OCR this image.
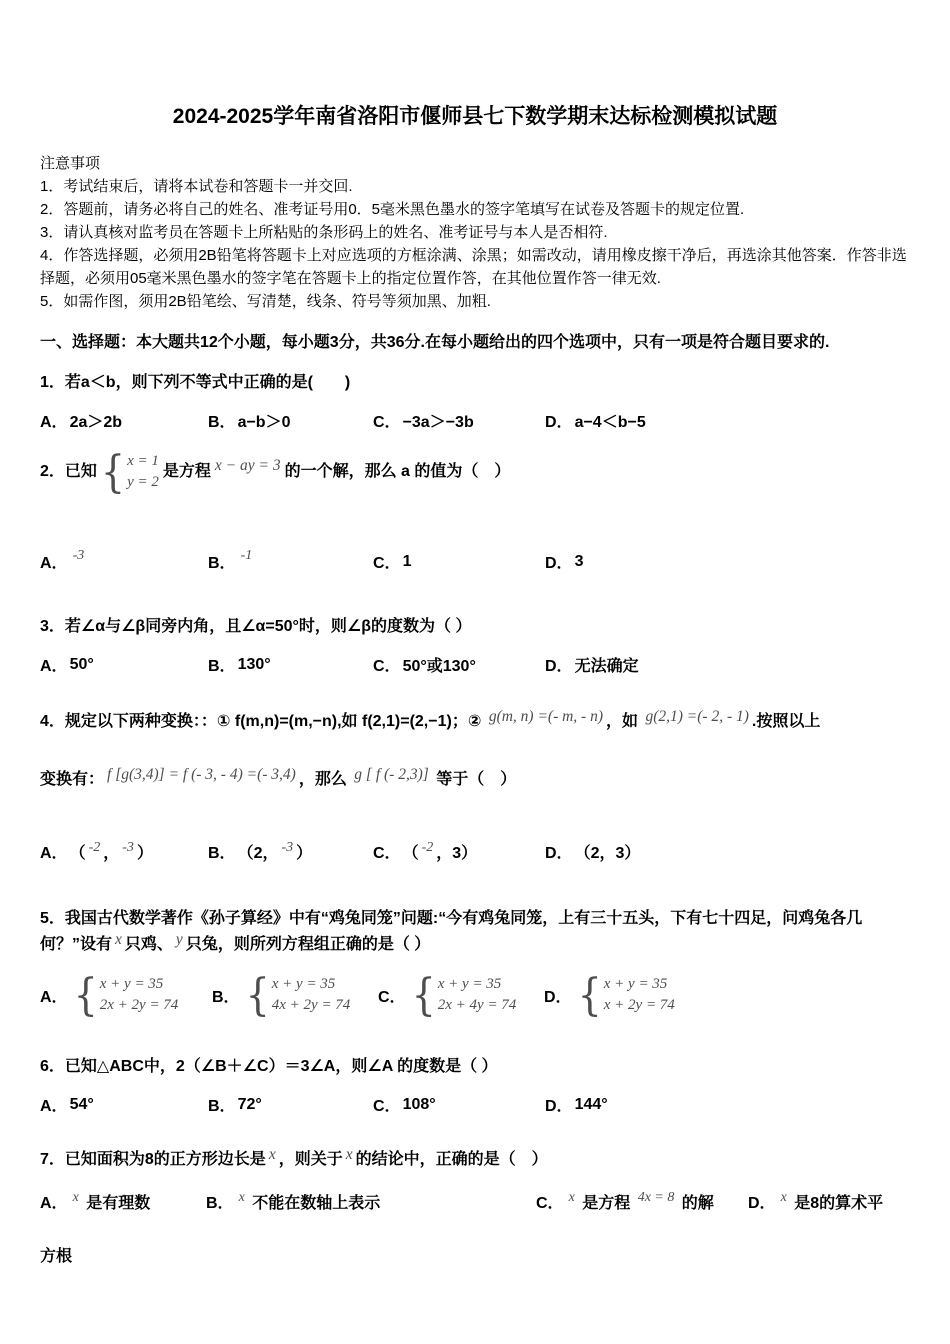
2024-2025学年南省洛阳市偃师县七下数学期末达标检测模拟试题
注意事项
1．考试结束后，请将本试卷和答题卡一并交回.
2．答题前，请务必将自己的姓名、准考证号用0．5毫米黑色墨水的签字笔填写在试卷及答题卡的规定位置.
3．请认真核对监考员在答题卡上所粘贴的条形码上的姓名、准考证号与本人是否相符.
4．作答选择题，必须用2B铅笔将答题卡上对应选项的方框涂满、涂黑；如需改动，请用橡皮擦干净后，再选涂其他答案．作答非选择题，必须用05毫米黑色墨水的签字笔在答题卡上的指定位置作答，在其他位置作答一律无效.
5．如需作图，须用2B铅笔绘、写清楚，线条、符号等须加黑、加粗.
一、选择题：本大题共12个小题，每小题3分，共36分.在每小题给出的四个选项中，只有一项是符合题目要求的.
1．若a＜b，则下列不等式中正确的是(　　)
A． 2a＞2b	B． a−b＞0	C． −3a＞−3b	D． a−4＜b−5
2．已知 { x = 1
y = 2
是方程 x − ay = 3 的一个解，那么 a 的值为（　）
A． -3	B． -1	C． 1	D． 3
3．若∠α与∠β同旁内角，且∠α=50°时，则∠β的度数为（ ）
A． 50°	B． 130°	C． 50°或130°	D． 无法确定
4．规定以下两种变换：：① f(m,n)=(m,−n),如 f(2,1)=(2,−1)；② g(m, n) =(- m, - n) ，如 g(2,1) =(- 2, - 1) .按照以上
变换有： f [g(3,4)] = f (- 3, - 4) =(- 3,4) ，那么 g [ f (- 2,3)] 等于（　）
A． （ -2 ， -3 ）	B． （2， -3 ）	C． （ -2 ，3）	D． （2，3）
5．我国古代数学著作《孙子算经》中有“鸡兔同笼”问题:“今有鸡兔同笼，上有三十五头，下有七十四足，问鸡兔各几
何？”设有 x 只鸡、 y 只兔，则所列方程组正确的是（ ）
A． { x + y = 35
2x + 2y = 74 B． { x + y = 35
4x + 2y = 74 C． { x + y = 35
2x + 4y = 74 D． { x + y = 35
x + 2y = 74
6．已知△ABC中，2（∠B＋∠C）＝3∠A，则∠A 的度数是（ ）
A． 54°	B． 72°	C． 108°	D． 144°
7．已知面积为8的正方形边长是 x ，则关于 x 的结论中，正确的是（　）
A． x 是有理数	B． x 不能在数轴上表示	C． x 是方程 4x = 8 的解 D． x 是8的算术平
方根
